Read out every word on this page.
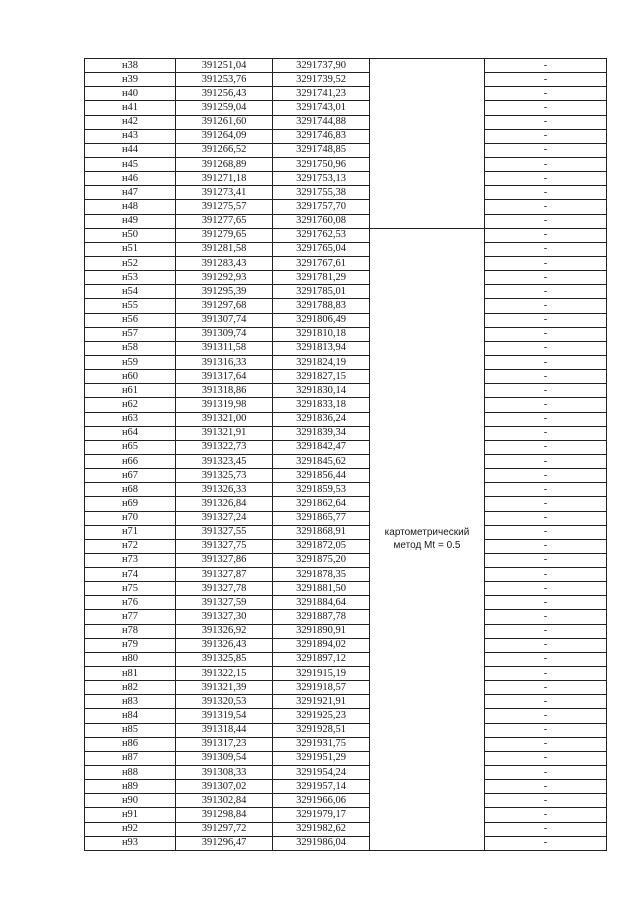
н38	391251,04	3291737,90		-
н39	391253,76	3291739,52		-
н40	391256,43	3291741,23		-
н41	391259,04	3291743,01		-
н42	391261,60	3291744,88		-
н43	391264,09	3291746,83		-
н44	391266,52	3291748,85		-
н45	391268,89	3291750,96		-
н46	391271,18	3291753,13		-
н47	391273,41	3291755,38		-
н48	391275,57	3291757,70		-
н49	391277,65	3291760,08		-
н50	391279,65	3291762,53	картометрический метод Mt = 0.5	-
н51	391281,58	3291765,04		-
н52	391283,43	3291767,61		-
н53	391292,93	3291781,29		-
н54	391295,39	3291785,01		-
н55	391297,68	3291788,83		-
н56	391307,74	3291806,49		-
н57	391309,74	3291810,18		-
н58	391311,58	3291813,94		-
н59	391316,33	3291824,19		-
н60	391317,64	3291827,15		-
н61	391318,86	3291830,14		-
н62	391319,98	3291833,18		-
н63	391321,00	3291836,24		-
н64	391321,91	3291839,34		-
н65	391322,73	3291842,47		-
н66	391323,45	3291845,62		-
н67	391325,73	3291856,44		-
н68	391326,33	3291859,53		-
н69	391326,84	3291862,64		-
н70	391327,24	3291865,77		-
н71	391327,55	3291868,91		-
н72	391327,75	3291872,05		-
н73	391327,86	3291875,20		-
н74	391327,87	3291878,35		-
н75	391327,78	3291881,50		-
н76	391327,59	3291884,64		-
н77	391327,30	3291887,78		-
н78	391326,92	3291890,91		-
н79	391326,43	3291894,02		-
н80	391325,85	3291897,12		-
н81	391322,15	3291915,19		-
н82	391321,39	3291918,57		-
н83	391320,53	3291921,91		-
н84	391319,54	3291925,23		-
н85	391318,44	3291928,51		-
н86	391317,23	3291931,75		-
н87	391309,54	3291951,29		-
н88	391308,33	3291954,24		-
н89	391307,02	3291957,14		-
н90	391302,84	3291966,06		-
н91	391298,84	3291979,17		-
н92	391297,72	3291982,62		-
н93	391296,47	3291986,04		-
